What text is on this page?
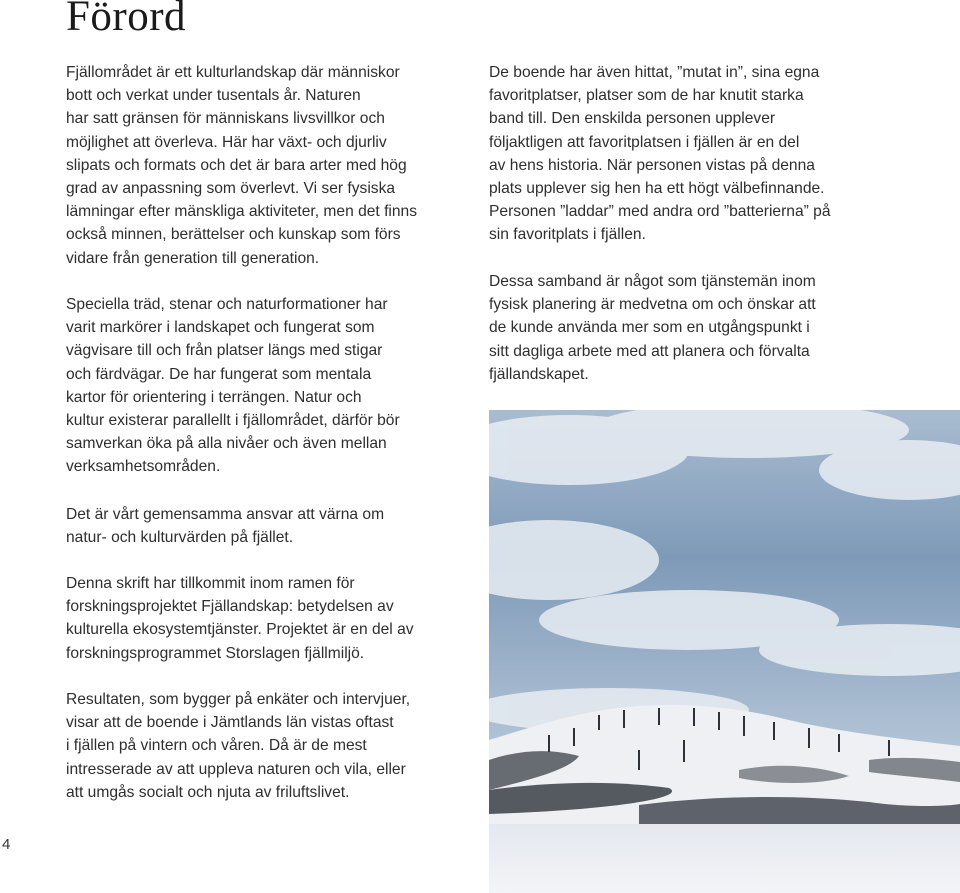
Förord

Fjällområdet är ett kulturlandskap där människor
bott och verkat under tusentals år. Naturen
har satt gränsen för människans livsvillkor och
möjlighet att överleva. Här har växt- och djurliv
slipats och formats och det är bara arter med hög
grad av anpassning som överlevt. Vi ser fysiska
lämningar efter mänskliga aktiviteter, men det finns
också minnen, berättelser och kunskap som förs
vidare från generation till generation.

Speciella träd, stenar och naturformationer har
varit markörer i landskapet och fungerat som
vägvisare till och från platser längs med stigar
och färdvägar. De har fungerat som mentala
kartor för orientering i terrängen. Natur och
kultur existerar parallellt i fjällområdet, därför bör
samverkan öka på alla nivåer och även mellan
verksamhetsområden.

Det är vårt gemensamma ansvar att värna om
natur- och kulturvärden på fjället.

Denna skrift har tillkommit inom ramen för
forskningsprojektet Fjällandskap: betydelsen av
kulturella ekosystemtjänster. Projektet är en del av
forskningsprogrammet Storslagen fjällmiljö.

Resultaten, som bygger på enkäter och intervjuer,
visar att de boende i Jämtlands län vistas oftast
i fjällen på vintern och våren. Då är de mest
intresserade av att uppleva naturen och vila, eller
att umgås socialt och njuta av friluftslivet.

De boende har även hittat, ”mutat in”, sina egna
favoritplatser, platser som de har knutit starka
band till. Den enskilda personen upplever
följaktligen att favoritplatsen i fjällen är en del
av hens historia. När personen vistas på denna
plats upplever sig hen ha ett högt välbefinnande.
Personen ”laddar” med andra ord ”batterierna” på
sin favoritplats i fjällen.

Dessa samband är något som tjänstemän inom
fysisk planering är medvetna om och önskar att
de kunde använda mer som en utgångspunkt i
sitt dagliga arbete med att planera och förvalta
fjällandskapet.

4
